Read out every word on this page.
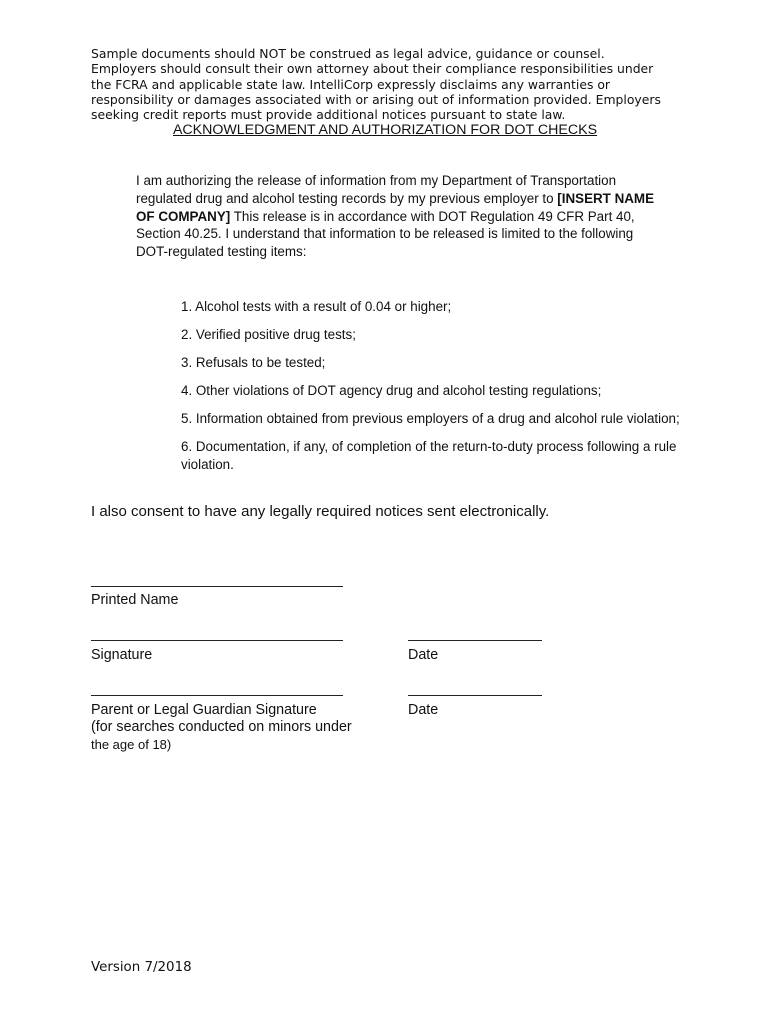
Sample documents should NOT be construed as legal advice, guidance or counsel.
Employers should consult their own attorney about their compliance responsibilities under
the FCRA and applicable state law. IntelliCorp expressly disclaims any warranties or
responsibility or damages associated with or arising out of information provided. Employers
seeking credit reports must provide additional notices pursuant to state law.
ACKNOWLEDGMENT AND AUTHORIZATION FOR DOT CHECKS
I am authorizing the release of information from my Department of Transportation
regulated drug and alcohol testing records by my previous employer to [INSERT NAME
OF COMPANY] This release is in accordance with DOT Regulation 49 CFR Part 40,
Section 40.25. I understand that information to be released is limited to the following
DOT-regulated testing items:
1. Alcohol tests with a result of 0.04 or higher;
2. Verified positive drug tests;
3. Refusals to be tested;
4. Other violations of DOT agency drug and alcohol testing regulations;
5. Information obtained from previous employers of a drug and alcohol rule violation;
6. Documentation, if any, of completion of the return-to-duty process following a rule violation.
I also consent to have any legally required notices sent electronically.
Printed Name
Signature	Date
Parent or Legal Guardian Signature
(for searches conducted on minors under
the age of 18)
Date
Version 7/2018
